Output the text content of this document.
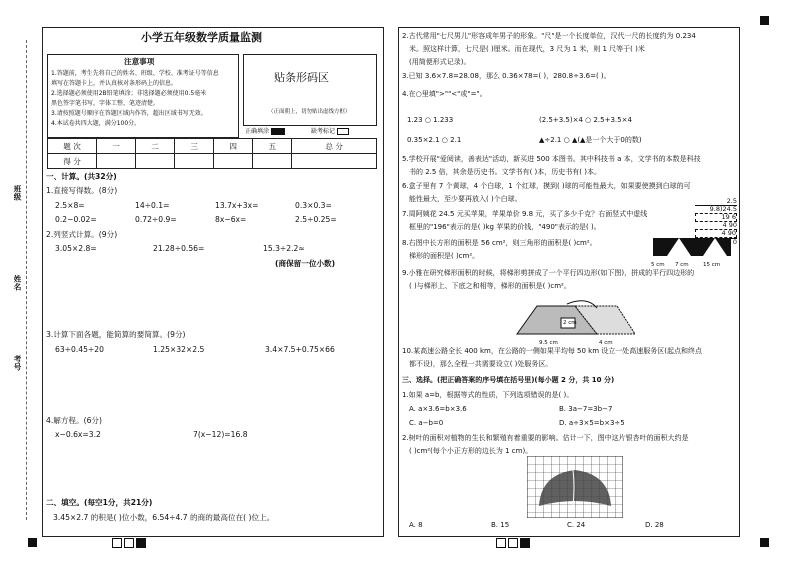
班级
姓名
考号
小学五年级数学质量监测
注意事项
1.答题前，考生先将自己的姓名、班级、学校、准考证号等信息
填写在答题卡上，并认真核对条形码上的信息。
2.选择题必须使用2B铅笔填涂；非选择题必须使用0.5毫米
黑色签字笔书写，字体工整、笔迹清楚。
3.请按照题号顺序在答题区域内作答，超出区域书写无效。
4.本试卷共四大题，满分100分。
贴条形码区
（正面朝上，切勿贴出虚线方框）
正确填涂	缺考标记
题 次	一	二	三	四	五	总 分
得 分						
一、计算。(共32分)
1.直接写得数。(8分)
2.5×8=	14÷0.1=	13.7x+3x=	0.3×0.3=
0.2−0.02=	0.72÷0.9=	8x−6x=	2.5÷0.25=
2.列竖式计算。(9分)
3.05×2.8=	21.28÷0.56=	15.3÷2.2≈
(商保留一位小数)
3.计算下面各题，能简算的要简算。(9分)
63÷0.45÷20	1.25×32×2.5	3.4×7.5+0.75×66
4.解方程。(6分)
x−0.6x=3.2	7(x−12)=16.8
二、填空。(每空1分，共21分)
3.45×2.7 的积是( )位小数，6.54÷4.7 的商的最高位在( )位上。
2.古代常用"七尺男儿"形容成年男子的形象。"尺"是一个长度单位，汉代一尺的长度约为 0.234
米。照这样计算，七尺是( )厘米。而在现代，3 尺为 1 米，则 1 尺等于( )米
(用简便形式记录)。
3.已知 3.6×7.8=28.08，那么 0.36×78=( )，280.8÷3.6=( )。
4.在○里填">""<"或"="。
1.23 ○ 1.233	(2.5+3.5)×4 ○ 2.5+3.5×4
0.35×2.1 ○ 2.1	▲÷2.1 ○ ▲(▲是一个大于0的数)
5.学校开展"爱阅读，善表达"活动，新买进 500 本图书。其中科技书 a 本，文学书的本数是科技
书的 2.5 倍，其余是历史书。文学书有( )本，历史书有( )本。
6.盒子里有 7 个黄球，4 个白球，1 个红球，摸到( )球的可能性最大，如果要使摸到白球的可
能性最大，至少要再放入( )个白球。
7.周阿姨花 24.5 元买苹果，苹果单价 9.8 元，买了多少千克？右面竖式中虚线
框里的"196"表示的是( )kg 苹果的价钱，"490"表示的是( )。
2.5
9.8)24.5
19 6
4 90
4 90
0
8.右图中长方形的面积是 56 cm²，则三角形的面积是( )cm²。
梯形的面积是( )cm²。
5 cm 7 cm	15 cm
9.小雅在研究梯形面积的时候，将梯形剪拼成了一个平行四边形(如下图)，拼成的平行四边形的
( )与梯形上、下底之和相等，梯形的面积是( )cm²。
2 cm
9.5 cm	4 cm
10.某高速公路全长 400 km，在公路的一侧如果平均每 50 km 设立一处高速服务区(起点和终点
都不设)，那么全程一共需要设立( )处服务区。
三、选择。(把正确答案的序号填在括号里)(每小题 2 分，共 10 分)
1.如果 a=b，根据等式的性质，下列选项错误的是( )。
A. a×3.6=b×3.6	B. 3a−7=3b−7
C. a−b=0	D. a÷3×5=b×3÷5
2.树叶的面积对植物的生长和繁殖有着重要的影响。估计一下，图中这片银杏叶的面积大约是
( )cm²(每个小正方形的边长为 1 cm)。
A. 8	B. 15	C. 24	D. 28
